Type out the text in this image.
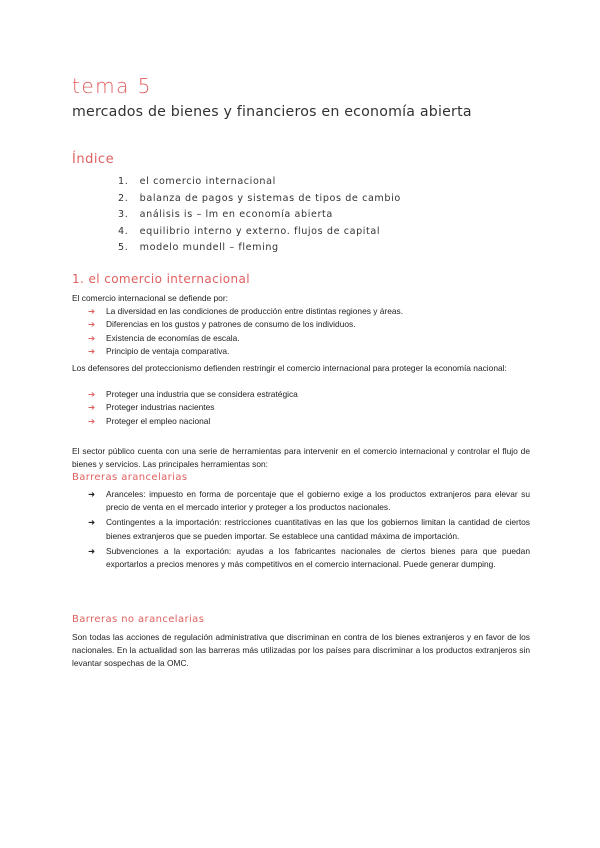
tema 5
mercados de bienes y financieros en economía abierta
Índice
1. el comercio internacional
2. balanza de pagos y sistemas de tipos de cambio
3. análisis is – lm en economía abierta
4. equilibrio interno y externo. flujos de capital
5. modelo mundell – fleming
1. el comercio internacional

El comercio internacional se defiende por:

➔ La diversidad en las condiciones de producción entre distintas regiones y áreas.
➔ Diferencias en los gustos y patrones de consumo de los individuos.
➔ Existencia de economías de escala.
➔ Principio de ventaja comparativa.

Los defensores del proteccionismo defienden restringir el comercio internacional para proteger la economía nacional:

➔ Proteger una industria que se considera estratégica
➔ Proteger industrias nacientes
➔ Proteger el empleo nacional

El sector público cuenta con una serie de herramientas para intervenir en el comercio internacional y controlar el flujo de bienes y servicios. Las principales herramientas son:

Barreras arancelarias
➜ Aranceles: impuesto en forma de porcentaje que el gobierno exige a los productos extranjeros para elevar su precio de venta en el mercado interior y proteger a los productos nacionales.
➜ Contingentes a la importación: restricciones cuantitativas en las que los gobiernos limitan la cantidad de ciertos bienes extranjeros que se pueden importar. Se establece una cantidad máxima de importación.
➜ Subvenciones a la exportación: ayudas a los fabricantes nacionales de ciertos bienes para que puedan exportarlos a precios menores y más competitivos en el comercio internacional. Puede generar dumping.
Barreras no arancelarias

Son todas las acciones de regulación administrativa que discriminan en contra de los bienes extranjeros y en favor de los nacionales. En la actualidad son las barreras más utilizadas por los países para discriminar a los productos extranjeros sin levantar sospechas de la OMC.
